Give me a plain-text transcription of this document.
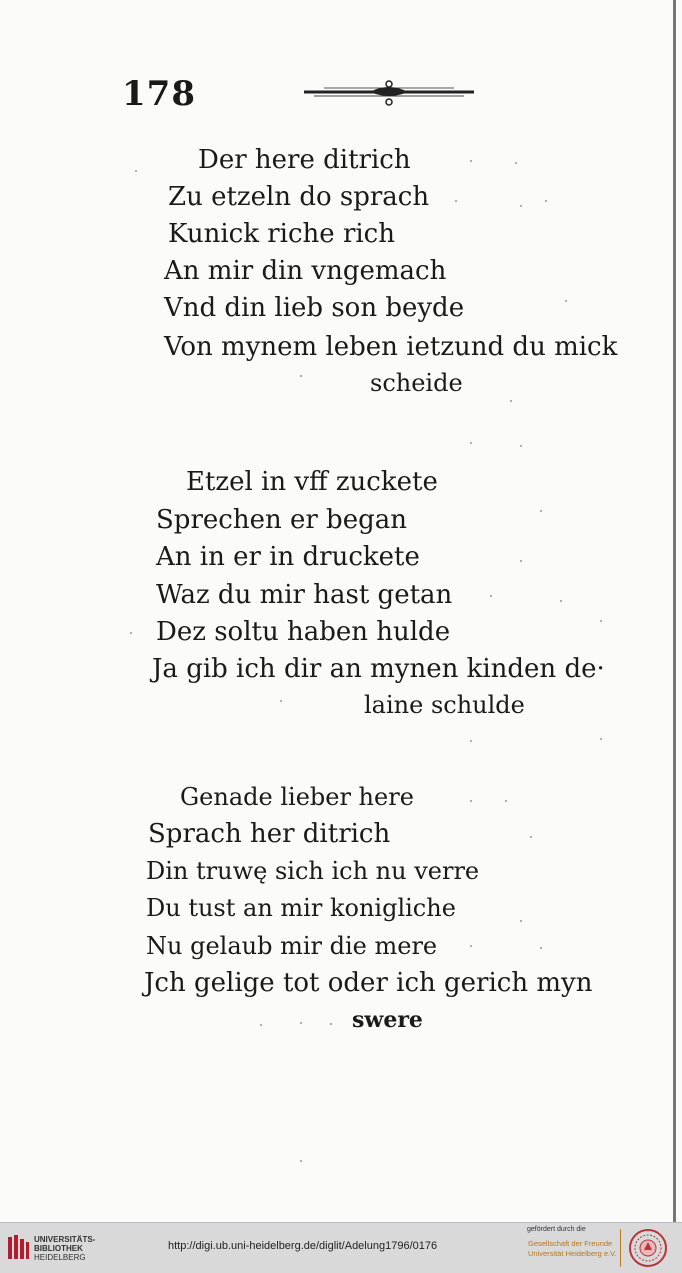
178
Der here ditrich
Zu etzeln do sprach
Kunick riche rich
An mir din vngemach
Vnd din lieb son beyde
Von mynem leben ietzund du mick
scheide
Etzel in vff zuckete
Sprechen er began
An in er in druckete
Waz du mir hast getan
Dez soltu haben hulde
Ja gib ich dir an mynen kinden de·
laine schulde
Genade lieber here
Sprach her ditrich
Din truwę sich ich nu verre
Du tust an mir konigliche
Nu gelaub mir die mere
Jch gelige tot oder ich gerich myn
swere
UNIVERSITÄTS-
BIBLIOTHEK
HEIDELBERG
http://digi.ub.uni-heidelberg.de/diglit/Adelung1796/0176
gefördert durch die
Gesellschaft der Freunde
Universität Heidelberg e.V.
